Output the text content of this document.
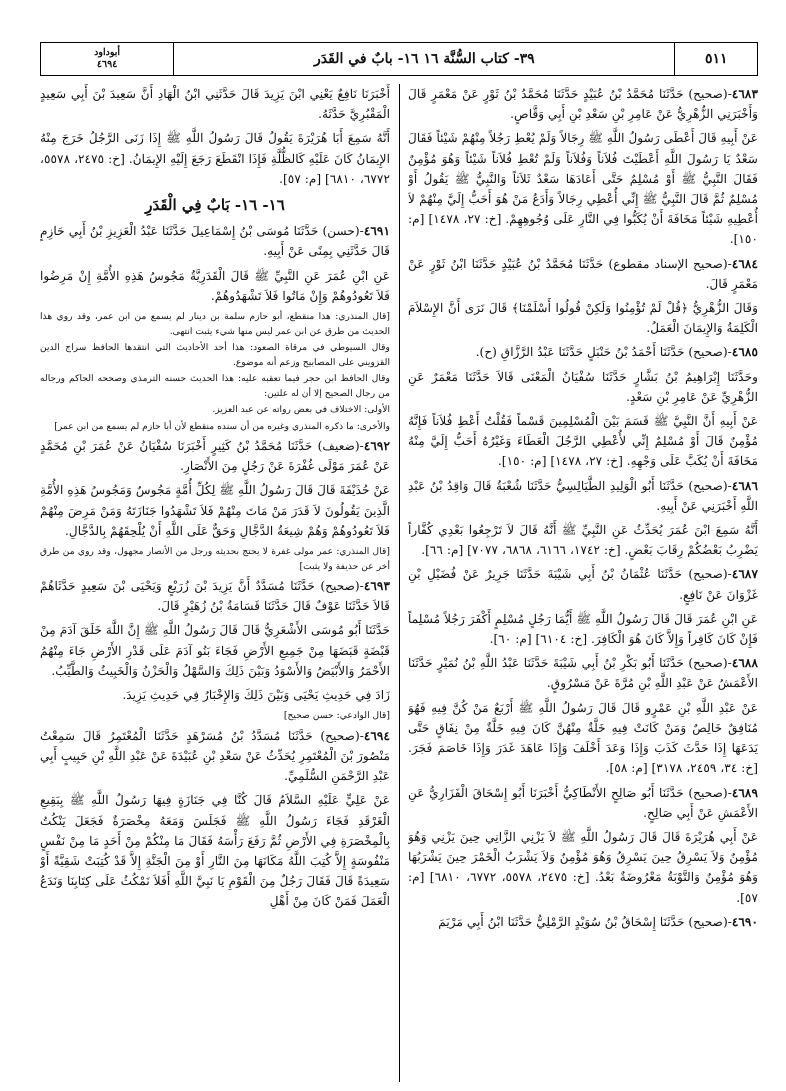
٥١١
٣٩- كتاب السُّنَّة ١٦ ١٦- بابٌ في القَدَر
أبوداود
٤٦٩٤

٤٦٨٣-(صحيح) حَدَّثَنَا مُحَمَّدُ بْنُ عُبَيْدٍ حَدَّثَنَا مُحَمَّدُ بْنُ ثَوْرٍ عَنْ مَعْمَرٍ قَالَ وَأَخْبَرَنِي الزُّهْرِيُّ عَنْ عَامِرِ بْنِ سَعْدِ بْنِ أَبِي وَقَّاصٍ.

عَنْ أَبِيهِ قَالَ أَعْطَى رَسُولُ اللَّهِ ﷺ رِجَالاً وَلَمْ يُعْطِ رَجُلاً مِنْهُمْ شَيْئاً فَقَالَ سَعْدٌ يَا رَسُولَ اللَّهِ أَعْطَيْتَ فُلاَناً وَفُلاَناً وَلَمْ تُعْطِ فُلاَناً شَيْئاً وَهُوَ مُؤْمِنٌ فَقَالَ النَّبِيُّ ﷺ أَوْ مُسْلِمٌ حَتَّى أَعَادَهَا سَعْدٌ ثَلاَثاً وَالنَّبِيُّ ﷺ يَقُولُ أَوْ مُسْلِمٌ ثُمَّ قَالَ النَّبِيُّ ﷺ إِنِّي أُعْطِي رِجَالاً وَأَدَعُ مَنْ هُوَ أَحَبُّ إِلَيَّ مِنْهُمْ لاَ أُعْطِيهِ شَيْئاً مَخَافَةَ أَنْ يُكَبُّوا فِي النَّارِ عَلَى وُجُوهِهِمْ. [خ: ٢٧، ١٤٧٨] [م: ١٥٠].

٤٦٨٤-(صحيح الإسناد مقطوع) حَدَّثَنَا مُحَمَّدُ بْنُ عُبَيْدٍ حَدَّثَنَا ابْنُ ثَوْرٍ عَنْ مَعْمَرٍ قَالَ.

وَقَالَ الزُّهْرِيُّ ﴿قُلْ لَمْ تُؤْمِنُوا وَلَكِنْ قُولُوا أَسْلَمْنَا﴾ قَالَ نَرَى أَنَّ الإِسْلاَمَ الْكَلِمَةُ وَالإِيمَانَ الْعَمَلُ.

٤٦٨٥-(صحيح) حَدَّثَنَا أَحْمَدُ بْنُ حَنْبَلٍ حَدَّثَنَا عَبْدُ الرَّزَّاقِ (ح).

وحَدَّثَنَا إِبْرَاهِيمُ بْنُ بَشَّارٍ حَدَّثَنَا سُفْيَانُ الْمَعْنَى قَالاَ حَدَّثَنَا مَعْمَرٌ عَنِ الزُّهْرِيِّ عَنْ عَامِرِ بْنِ سَعْدٍ.

عَنْ أَبِيهِ أَنَّ النَّبِيَّ ﷺ قَسَمَ بَيْنَ الْمُسْلِمِينَ قَسْماً فَقُلْتُ أَعْطِ فُلاَناً فَإِنَّهُ مُؤْمِنٌ قَالَ أَوْ مُسْلِمٌ إِنِّي لأُعْطِي الرَّجُلَ الْعَطَاءَ وَغَيْرُهُ أَحَبُّ إِلَيَّ مِنْهُ مَخَافَةَ أَنْ يُكَبَّ عَلَى وَجْهِهِ. [خ: ٢٧، ١٤٧٨] [م: ١٥٠].

٤٦٨٦-(صحيح) حَدَّثَنَا أَبُو الْوَلِيدِ الطَّيَالِسِيُّ حَدَّثَنَا شُعْبَةُ قَالَ وَاقِدُ بْنُ عَبْدِ اللَّهِ أَخْبَرَنِي عَنْ أَبِيهِ.

أَنَّهُ سَمِعَ ابْنَ عُمَرَ يُحَدِّثُ عَنِ النَّبِيِّ ﷺ أَنَّهُ قَالَ لاَ تَرْجِعُوا بَعْدِي كُفَّاراً يَضْرِبُ بَعْضُكُمْ رِقَابَ بَعْضٍ. [خ: ١٧٤٢، ٦١٦٦، ٦٨٦٨، ٧٠٧٧] [م: ٦٦].

٤٦٨٧-(صحيح) حَدَّثَنَا عُثْمَانُ بْنُ أَبِي شَيْبَةَ حَدَّثَنَا جَرِيرٌ عَنْ فُضَيْلِ بْنِ غَزْوَانَ عَنْ نَافِعٍ.

عَنِ ابْنِ عُمَرَ قَالَ قَالَ رَسُولُ اللَّهِ ﷺ أَيُّمَا رَجُلٍ مُسْلِمٍ أَكْفَرَ رَجُلاً مُسْلِماً فَإِنْ كَانَ كَافِراً وَإِلاَّ كَانَ هُوَ الْكَافِرَ. [خ: ٦١٠٤] [م: ٦٠].

٤٦٨٨-(صحيح) حَدَّثَنَا أَبُو بَكْرِ بْنُ أَبِي شَيْبَةَ حَدَّثَنَا عَبْدُ اللَّهِ بْنُ نُمَيْرٍ حَدَّثَنَا الأَعْمَشُ عَنْ عَبْدِ اللَّهِ بْنِ مُرَّةَ عَنْ مَسْرُوقٍ.

عَنْ عَبْدِ اللَّهِ بْنِ عَمْرٍو قَالَ قَالَ رَسُولُ اللَّهِ ﷺ أَرْبَعٌ مَنْ كُنَّ فِيهِ فَهُوَ مُنَافِقٌ خَالِصٌ وَمَنْ كَانَتْ فِيهِ خَلَّةٌ مِنْهُنَّ كَانَ فِيهِ خَلَّةٌ مِنْ نِفَاقٍ حَتَّى يَدَعَهَا إِذَا حَدَّثَ كَذَبَ وَإِذَا وَعَدَ أَخْلَفَ وَإِذَا عَاهَدَ غَدَرَ وَإِذَا خَاصَمَ فَجَرَ. [خ: ٣٤، ٢٤٥٩، ٣١٧٨] [م: ٥٨].

٤٦٨٩-(صحيح) حَدَّثَنَا أَبُو صَالِحٍ الأَنْطَاكِيُّ أَخْبَرَنَا أَبُو إِسْحَاقَ الْفَزَارِيُّ عَنِ الأَعْمَشِ عَنْ أَبِي صَالِحٍ.

عَنْ أَبِي هُرَيْرَةَ قَالَ قَالَ رَسُولُ اللَّهِ ﷺ لاَ يَزْنِي الزَّانِي حِينَ يَزْنِي وَهُوَ مُؤْمِنٌ وَلاَ يَسْرِقُ حِينَ يَسْرِقُ وَهُوَ مُؤْمِنٌ وَلاَ يَشْرَبُ الْخَمْرَ حِينَ يَشْرَبُهَا وَهُوَ مُؤْمِنٌ وَالتَّوْبَةُ مَعْرُوضَةٌ بَعْدُ. [خ: ٢٤٧٥، ٥٥٧٨، ٦٧٧٢، ٦٨١٠] [م: ٥٧].

٤٦٩٠-(صحيح) حَدَّثَنَا إِسْحَاقُ بْنُ سُوَيْدٍ الرَّمْلِيُّ حَدَّثَنَا ابْنُ أَبِي مَرْيَمَ

أَخْبَرَنَا نَافِعٌ يَعْنِي ابْنَ يَزِيدَ قَالَ حَدَّثَنِي ابْنُ الْهَادِ أَنَّ سَعِيدَ بْنَ أَبِي سَعِيدٍ الْمَقْبُرِيَّ حَدَّثَهُ.

أَنَّهُ سَمِعَ أَبَا هُرَيْرَةَ يَقُولُ قَالَ رَسُولُ اللَّهِ ﷺ إِذَا زَنَى الرَّجُلُ خَرَجَ مِنْهُ الإِيمَانُ كَانَ عَلَيْهِ كَالظُّلَّةِ فَإِذَا انْقَطَعَ رَجَعَ إِلَيْهِ الإِيمَانُ. [خ: ٢٤٧٥، ٥٥٧٨، ٦٧٧٢، ٦٨١٠] [م: ٥٧].

١٦- ١٦- بَابٌ فِي الْقَدَرِ

٤٦٩١-(حسن) حَدَّثَنَا مُوسَى بْنُ إِسْمَاعِيلَ حَدَّثَنَا عَبْدُ الْعَزِيزِ بْنُ أَبِي حَازِمٍ قَالَ حَدَّثَنِي بِمِنًى عَنْ أَبِيهِ.

عَنِ ابْنِ عُمَرَ عَنِ النَّبِيِّ ﷺ قَالَ الْقَدَرِيَّةُ مَجُوسُ هَذِهِ الأُمَّةِ إِنْ مَرِضُوا فَلاَ تَعُودُوهُمْ وَإِنْ مَاتُوا فَلاَ تَشْهَدُوهُمْ.

[قال المنذري: هذا منقطع، أبو حازم سلمة بن دينار لم يسمع من ابن عمر، وقد روي هذا الحديث من طرق عن ابن عمر ليس منها شيء يثبت انتهى.

وقال السيوطي في مرقاة الصعود: هذا أحد الأحاديث التي انتقدها الحافظ سراج الدين القزويني على المصابيح وزعم أنه موضوع.

وقال الحافظ ابن حجر فيما تعقبه عليه: هذا الحديث حسنه الترمذي وصححه الحاكم ورجاله من رجال الصحيح إلا أن له علتين:

الأولى: الاختلاف في بعض رواته عن عبد العزيز.

والأخرى: ما ذكره المنذري وغيره من أن سنده منقطع لأن أبا حازم لم يسمع من ابن عمر]

٤٦٩٢-(ضعيف) حَدَّثَنَا مُحَمَّدُ بْنُ كَثِيرٍ أَخْبَرَنَا سُفْيَانُ عَنْ عُمَرَ بْنِ مُحَمَّدٍ عَنْ عُمَرَ مَوْلَى غُفْرَةَ عَنْ رَجُلٍ مِنَ الأَنْصَارِ.

عَنْ حُذَيْفَةَ قَالَ قَالَ رَسُولُ اللَّهِ ﷺ لِكُلِّ أُمَّةٍ مَجُوسٌ وَمَجُوسُ هَذِهِ الأُمَّةِ الَّذِينَ يَقُولُونَ لاَ قَدَرَ مَنْ مَاتَ مِنْهُمْ فَلاَ تَشْهَدُوا جَنَازَتَهُ وَمَنْ مَرِضَ مِنْهُمْ فَلاَ تَعُودُوهُمْ وَهُمْ شِيعَةُ الدَّجَّالِ وَحَقٌّ عَلَى اللَّهِ أَنْ يُلْحِقَهُمْ بِالدَّجَّالِ.

[قال المنذري: عمر مولى غفرة لا يحتج بحديثه ورجل من الأنصار مجهول، وقد روي من طرق أخر عن حذيفة ولا يثبت]

٤٦٩٣-(صحيح) حَدَّثَنَا مُسَدَّدٌ أَنَّ يَزِيدَ بْنَ زُرَيْعٍ وَيَحْيَى بْنَ سَعِيدٍ حَدَّثَاهُمْ قَالاَ حَدَّثَنَا عَوْفٌ قَالَ حَدَّثَنَا قَسَامَةُ بْنُ زُهَيْرٍ قَالَ.

حَدَّثَنَا أَبُو مُوسَى الأَشْعَرِيُّ قَالَ قَالَ رَسُولُ اللَّهِ ﷺ إِنَّ اللَّهَ خَلَقَ آدَمَ مِنْ قَبْضَةٍ قَبَضَهَا مِنْ جَمِيعِ الأَرْضِ فَجَاءَ بَنُو آدَمَ عَلَى قَدْرِ الأَرْضِ جَاءَ مِنْهُمُ الأَحْمَرُ وَالأَبْيَضُ وَالأَسْوَدُ وَبَيْنَ ذَلِكَ وَالسَّهْلُ وَالْحَزْنُ وَالْخَبِيثُ وَالطَّيِّبُ.

زَادَ فِي حَدِيثِ يَحْيَى وَبَيْنَ ذَلِكَ وَالإِخْبَارُ فِي حَدِيثِ يَزِيدَ.

[قال الوادعي: حسن صحيح]

٤٦٩٤-(صحيح) حَدَّثَنَا مُسَدَّدُ بْنُ مُسَرْهَدٍ حَدَّثَنَا الْمُعْتَمِرُ قَالَ سَمِعْتُ مَنْصُورَ بْنَ الْمُعْتَمِرِ يُحَدِّثُ عَنْ سَعْدِ بْنِ عُبَيْدَةَ عَنْ عَبْدِ اللَّهِ بْنِ حَبِيبٍ أَبِي عَبْدِ الرَّحْمَنِ السُّلَمِيِّ.

عَنْ عَلِيٍّ عَلَيْهِ السَّلاَمُ قَالَ كُنَّا فِي جَنَازَةٍ فِيهَا رَسُولُ اللَّهِ ﷺ بِبَقِيعِ الْغَرْقَدِ فَجَاءَ رَسُولُ اللَّهِ ﷺ فَجَلَسَ وَمَعَهُ مِخْصَرَةٌ فَجَعَلَ يَنْكُتُ بِالْمِخْصَرَةِ فِي الأَرْضِ ثُمَّ رَفَعَ رَأْسَهُ فَقَالَ مَا مِنْكُمْ مِنْ أَحَدٍ مَا مِنْ نَفْسٍ مَنْفُوسَةٍ إِلاَّ كُتِبَ اللَّهُ مَكَانَهَا مِنَ النَّارِ أَوْ مِنَ الْجَنَّةِ إِلاَّ قَدْ كُتِبَتْ شَقِيَّةً أَوْ سَعِيدَةً قَالَ فَقَالَ رَجُلٌ مِنَ الْقَوْمِ يَا نَبِيَّ اللَّهِ أَفَلاَ نَمْكُثُ عَلَى كِتَابِنَا وَنَدَعُ الْعَمَلَ فَمَنْ كَانَ مِنْ أَهْلِ
